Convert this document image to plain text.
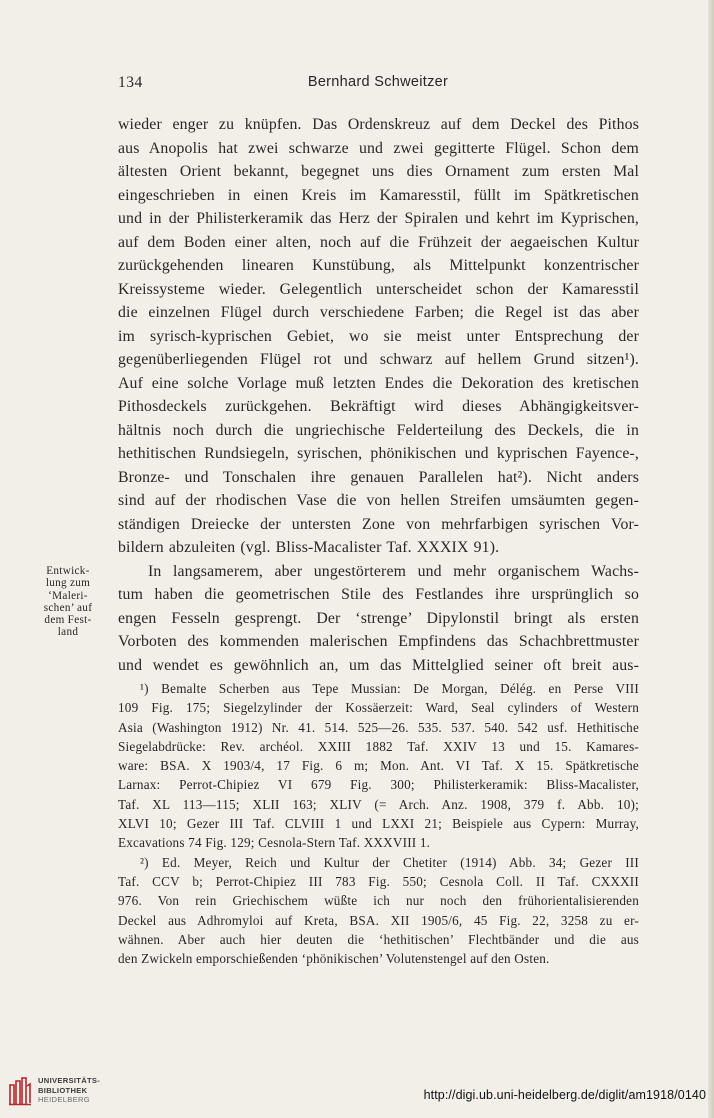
134	Bernhard Schweitzer
wieder enger zu knüpfen. Das Ordenskreuz auf dem Deckel des Pithos
aus Anopolis hat zwei schwarze und zwei gegitterte Flügel. Schon dem
ältesten Orient bekannt, begegnet uns dies Ornament zum ersten Mal
eingeschrieben in einen Kreis im Kamaresstil, füllt im Spätkretischen
und in der Philisterkeramik das Herz der Spiralen und kehrt im Kyprischen,
auf dem Boden einer alten, noch auf die Frühzeit der aegaeischen Kultur
zurückgehenden linearen Kunstübung, als Mittelpunkt konzentrischer
Kreissysteme wieder. Gelegentlich unterscheidet schon der Kamaresstil
die einzelnen Flügel durch verschiedene Farben; die Regel ist das aber
im syrisch-kyprischen Gebiet, wo sie meist unter Entsprechung der
gegenüberliegenden Flügel rot und schwarz auf hellem Grund sitzen¹).
Auf eine solche Vorlage muß letzten Endes die Dekoration des kretischen
Pithosdeckels zurückgehen. Bekräftigt wird dieses Abhängigkeitsver-
hältnis noch durch die ungriechische Felderteilung des Deckels, die in
hethitischen Rundsiegeln, syrischen, phönikischen und kyprischen Fayence-,
Bronze- und Tonschalen ihre genauen Parallelen hat²). Nicht anders
sind auf der rhodischen Vase die von hellen Streifen umsäumten gegen-
ständigen Dreiecke der untersten Zone von mehrfarbigen syrischen Vor-
bildern abzuleiten (vgl. Bliss-Macalister Taf. XXXIX 91).
In langsamerem, aber ungestörterem und mehr organischem Wachs-
tum haben die geometrischen Stile des Festlandes ihre ursprünglich so
engen Fesseln gesprengt. Der ‘strenge’ Dipylonstil bringt als ersten
Vorboten des kommenden malerischen Empfindens das Schachbrettmuster
und wendet es gewöhnlich an, um das Mittelglied seiner oft breit aus-
Entwick-
lung zum
‘Maleri-
schen’ auf
dem Fest-
land
¹) Bemalte Scherben aus Tepe Mussian: De Morgan, Délég. en Perse VIII
109 Fig. 175; Siegelzylinder der Kossäerzeit: Ward, Seal cylinders of Western
Asia (Washington 1912) Nr. 41. 514. 525—26. 535. 537. 540. 542 usf. Hethitische
Siegelabdrücke: Rev. archéol. XXIII 1882 Taf. XXIV 13 und 15. Kamares-
ware: BSA. X 1903/4, 17 Fig. 6 m; Mon. Ant. VI Taf. X 15. Spätkretische
Larnax: Perrot-Chipiez VI 679 Fig. 300; Philisterkeramik: Bliss-Macalister,
Taf. XL 113—115; XLII 163; XLIV (= Arch. Anz. 1908, 379 f. Abb. 10);
XLVI 10; Gezer III Taf. CLVIII 1 und LXXI 21; Beispiele aus Cypern: Murray,
Excavations 74 Fig. 129; Cesnola-Stern Taf. XXXVIII 1.
²) Ed. Meyer, Reich und Kultur der Chetiter (1914) Abb. 34; Gezer III
Taf. CCV b; Perrot-Chipiez III 783 Fig. 550; Cesnola Coll. II Taf. CXXXII
976. Von rein Griechischem wüßte ich nur noch den frühorientalisierenden
Deckel aus Adhromyloi auf Kreta, BSA. XII 1905/6, 45 Fig. 22, 3258 zu er-
wähnen. Aber auch hier deuten die ‘hethitischen’ Flechtbänder und die aus
den Zwickeln emporschießenden ‘phönikischen’ Volutenstengel auf den Osten.
UNIVERSITÄTS-
BIBLIOTHEK
HEIDELBERG	http://digi.ub.uni-heidelberg.de/diglit/am1918/0140
